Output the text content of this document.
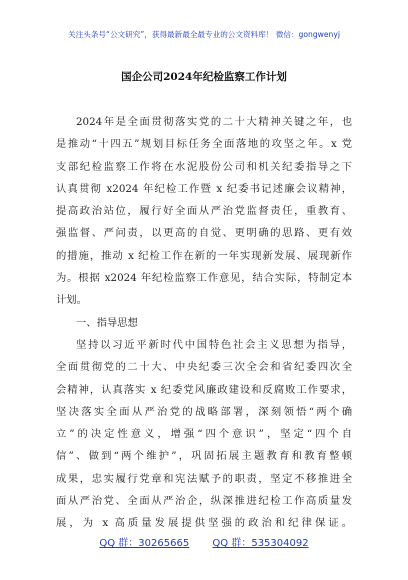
关注头条号“公文研究”，获得最新最全最专业的公文资料库！ 微信：gongwenyj
国企公司2024年纪检监察工作计划
2024年是全面贯彻落实党的二十大精神关键之年，也
是推动“十四五”规划目标任务全面落地的攻坚之年。x 党
支部纪检监察工作将在水泥股份公司和机关纪委指导之下
认真贯彻 x2024 年纪检工作暨 x 纪委书记述廉会议精神，
提高政治站位，履行好全面从严治党监督责任，重教育、
强监督、严问责，以更高的自觉、更明确的思路、更有效
的措施，推动 x 纪检工作在新的一年实现新发展、展现新作
为。根据 x2024 年纪检监察工作意见，结合实际，特制定本
计划。
一、指导思想
坚持以习近平新时代中国特色社会主义思想为指导，
全面贯彻党的二十大、中央纪委三次全会和省纪委四次全
会精神，认真落实 x 纪委党风廉政建设和反腐败工作要求，
坚决落实全面从严治党的战略部署，深刻领悟“两个确
立”的决定性意义，增强“四个意识”，坚定“四个自
信”、做到“两个维护”，巩固拓展主题教育和教育整顿
成果，忠实履行党章和宪法赋予的职责，坚定不移推进全
面从严治党、全面从严治企，纵深推进纪检工作高质量发
展，为 x 高质量发展提供坚强的政治和纪律保证。
QQ 群：30265665 QQ 群：535304092
